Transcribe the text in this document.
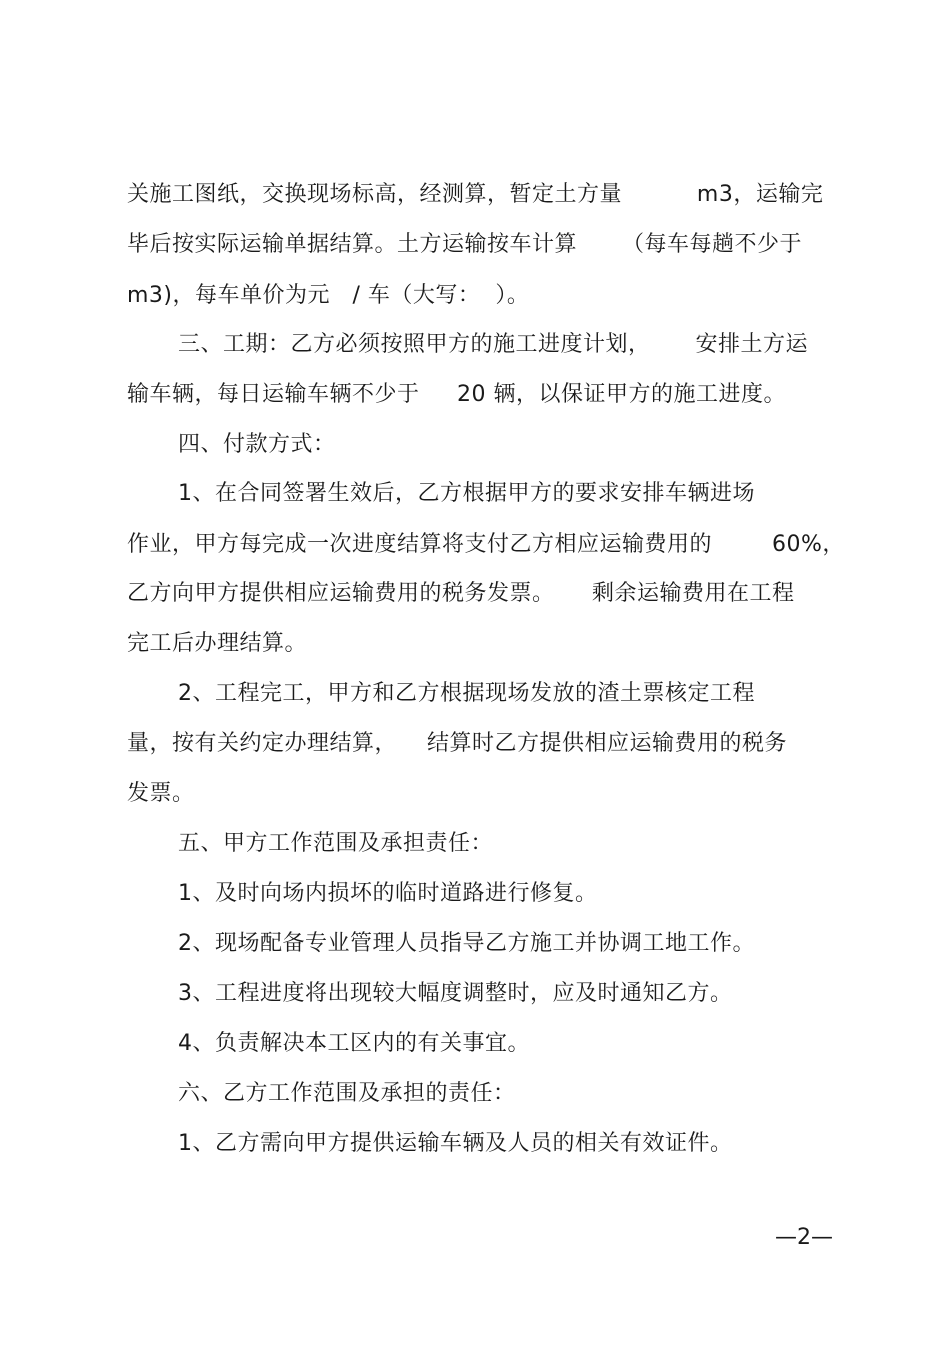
关施工图纸，交换现场标高，经测算，暂定土方量          m3，运输完
毕后按实际运输单据结算。土方运输按车计算      （每车每趟不少于
m3)，每车单价为元   / 车（大写：  ）。
三、工期：乙方必须按照甲方的施工进度计划，      安排土方运
输车辆，每日运输车辆不少于     20 辆，以保证甲方的施工进度。
四、付款方式：
1、在合同签署生效后，乙方根据甲方的要求安排车辆进场
作业，甲方每完成一次进度结算将支付乙方相应运输费用的        60%，
乙方向甲方提供相应运输费用的税务发票。     剩余运输费用在工程
完工后办理结算。
2、工程完工，甲方和乙方根据现场发放的渣土票核定工程
量，按有关约定办理结算，    结算时乙方提供相应运输费用的税务
发票。
五、甲方工作范围及承担责任：
1、及时向场内损坏的临时道路进行修复。
2、现场配备专业管理人员指导乙方施工并协调工地工作。
3、工程进度将出现较大幅度调整时，应及时通知乙方。
4、负责解决本工区内的有关事宜。
六、乙方工作范围及承担的责任：
1、乙方需向甲方提供运输车辆及人员的相关有效证件。
—2—
